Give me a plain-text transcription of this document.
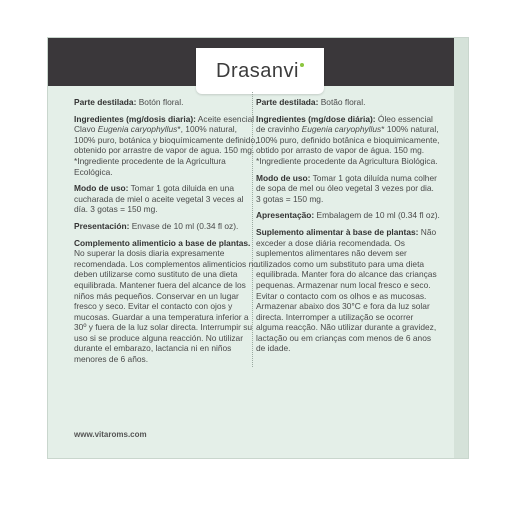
Drasanvi

Parte destilada: Botón floral.

Ingredientes (mg/dosis diaria): Aceite esencial Clavo Eugenia caryophyllus*, 100% natural, 100% puro, botánica y bioquímicamente definido, obtenido por arrastre de vapor de agua. 150 mg. *Ingrediente procedente de la Agricultura Ecológica.

Modo de uso: Tomar 1 gota diluida en una cucharada de miel o aceite vegetal 3 veces al día. 3 gotas = 150 mg.

Presentación: Envase de 10 ml (0.34 fl oz).

Complemento alimenticio a base de plantas. No superar la dosis diaria expresamente recomendada. Los complementos alimenticios no deben utilizarse como sustituto de una dieta equilibrada. Mantener fuera del alcance de los niños más pequeños. Conservar en un lugar fresco y seco. Evitar el contacto con ojos y mucosas. Guardar a una temperatura inferior a 30º y fuera de la luz solar directa. Interrumpir su uso si se produce alguna reacción. No utilizar durante el embarazo, lactancia ni en niños menores de 6 años.

Parte destilada: Botão floral.

Ingredientes (mg/dose diária): Óleo essencial de cravinho Eugenia caryophyllus* 100% natural, 100% puro, definido botânica e bioquimicamente, obtido por arrasto de vapor de água. 150 mg. *Ingrediente procedente da Agricultura Biológica.

Modo de uso: Tomar 1 gota diluída numa colher de sopa de mel ou óleo vegetal 3 vezes por dia. 3 gotas = 150 mg.

Apresentação: Embalagem de 10 ml (0.34 fl oz).

Suplemento alimentar à base de plantas: Não exceder a dose diária recomendada. Os suplementos alimentares não devem ser utilizados como um substituto para uma dieta equilibrada. Manter fora do alcance das crianças pequenas. Armazenar num local fresco e seco. Evitar o contacto com os olhos e as mucosas. Armazenar abaixo dos 30°C e fora da luz solar directa. Interromper a utilização se ocorrer alguma reacção. Não utilizar durante a gravidez, lactação ou em crianças com menos de 6 anos de idade.

www.vitaroms.com
